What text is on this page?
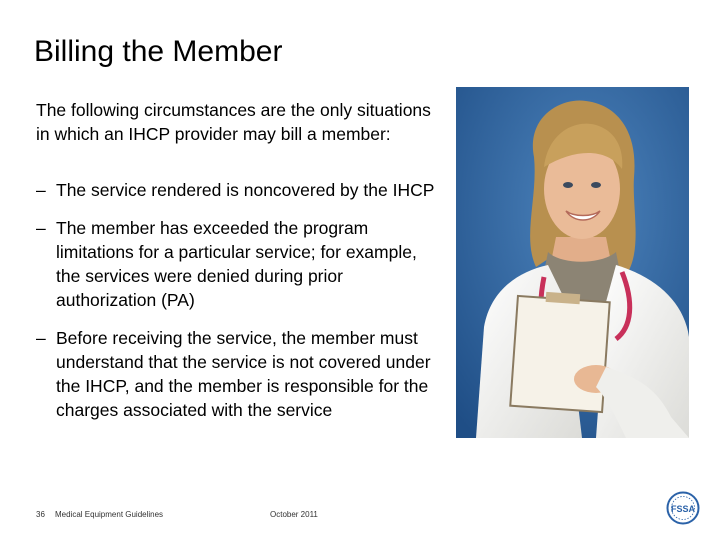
Billing the Member

The following circumstances are the only situations in which an IHCP provider may bill a member:

– The service rendered is noncovered by the IHCP
– The member has exceeded the program limitations for a particular service; for example, the services were denied during prior authorization (PA)
– Before receiving the service, the member must understand that the service is not covered under the IHCP, and the member is responsible for the charges associated with the service
36 Medical Equipment Guidelines	October 2011
FSSA
